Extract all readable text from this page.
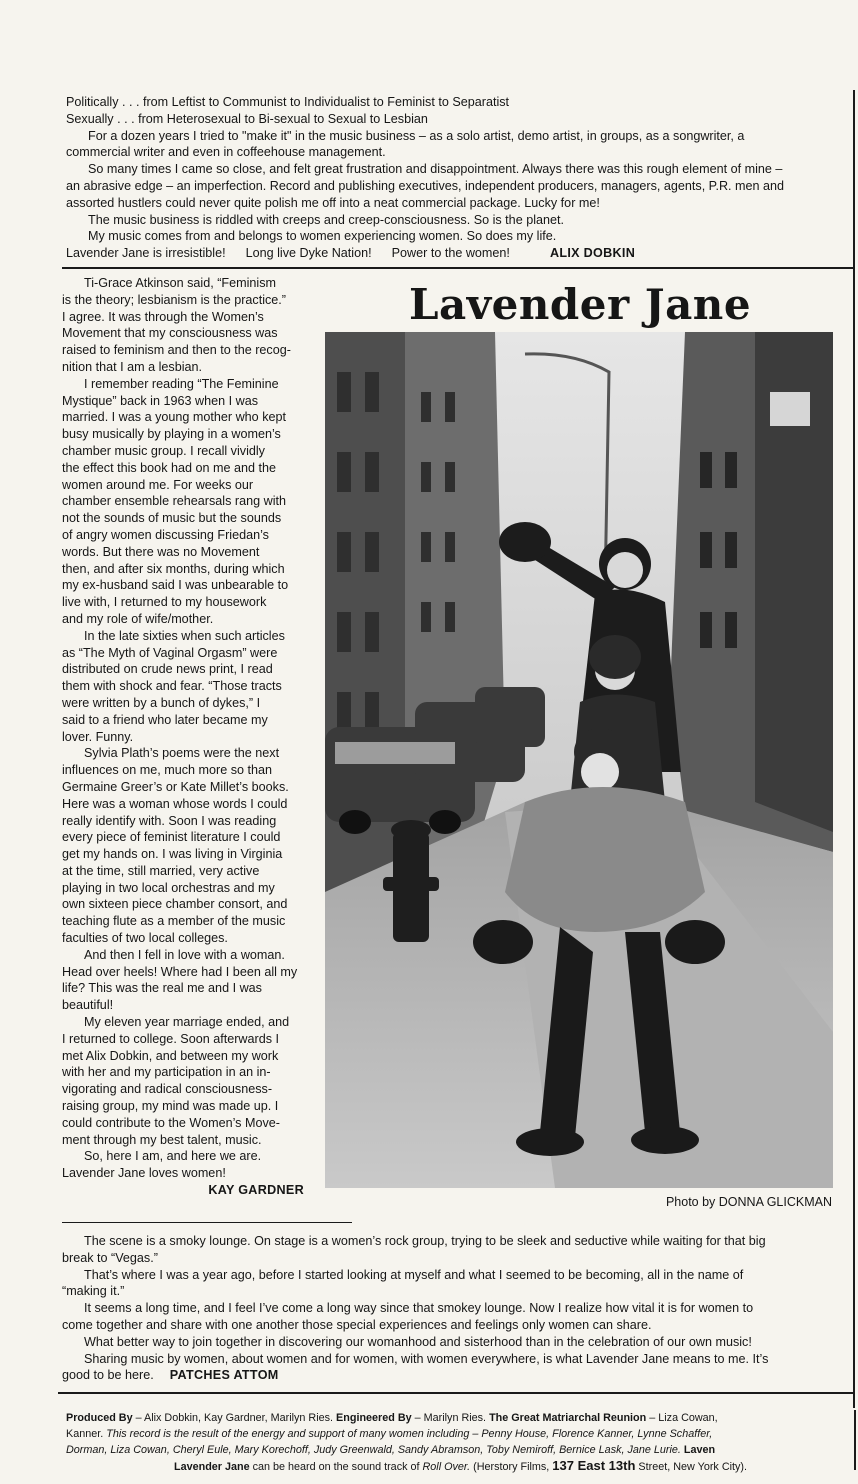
Politically . . . from Leftist to Communist to Individualist to Feminist to Separatist

Sexually . . . from Heterosexual to Bi-sexual to Sexual to Lesbian

For a dozen years I tried to "make it" in the music business – as a solo artist, demo artist, in groups, as a songwriter, a

commercial writer and even in coffeehouse management.

So many times I came so close, and felt great frustration and disappointment. Always there was this rough element of mine –

an abrasive edge – an imperfection. Record and publishing executives, independent producers, managers, agents, P.R. men and

assorted hustlers could never quite polish me off into a neat commercial package. Lucky for me!

The music business is riddled with creeps and creep-consciousness. So is the planet.

My music comes from and belongs to women experiencing women. So does my life.

Lavender Jane is irresistible! Long live Dyke Nation! Power to the women!	ALIX DOBKIN

Ti-Grace Atkinson said, “Feminism

is the theory; lesbianism is the practice.”

I agree. It was through the Women’s

Movement that my consciousness was

raised to feminism and then to the recog-

nition that I am a lesbian.

I remember reading “The Feminine

Mystique” back in 1963 when I was

married. I was a young mother who kept

busy musically by playing in a women’s

chamber music group. I recall vividly

the effect this book had on me and the

women around me. For weeks our

chamber ensemble rehearsals rang with

not the sounds of music but the sounds

of angry women discussing Friedan’s

words. But there was no Movement

then, and after six months, during which

my ex-husband said I was unbearable to

live with, I returned to my housework

and my role of wife/mother.

In the late sixties when such articles

as “The Myth of Vaginal Orgasm” were

distributed on crude news print, I read

them with shock and fear. “Those tracts

were written by a bunch of dykes,” I

said to a friend who later became my

lover. Funny.

Sylvia Plath’s poems were the next

influences on me, much more so than

Germaine Greer’s or Kate Millet’s books.

Here was a woman whose words I could

really identify with. Soon I was reading

every piece of feminist literature I could

get my hands on. I was living in Virginia

at the time, still married, very active

playing in two local orchestras and my

own sixteen piece chamber consort, and

teaching flute as a member of the music

faculties of two local colleges.

And then I fell in love with a woman.

Head over heels! Where had I been all my

life? This was the real me and I was

beautiful!

My eleven year marriage ended, and

I returned to college. Soon afterwards I

met Alix Dobkin, and between my work

with her and my participation in an in-

vigorating and radical consciousness-

raising group, my mind was made up. I

could contribute to the Women’s Move-

ment through my best talent, music.

So, here I am, and here we are.

Lavender Jane loves women!

KAY GARDNER

Lavender Jane
Photo by DONNA GLICKMAN

The scene is a smoky lounge. On stage is a women’s rock group, trying to be sleek and seductive while waiting for that big

break to “Vegas.”

That’s where I was a year ago, before I started looking at myself and what I seemed to be becoming, all in the name of

“making it.”

It seems a long time, and I feel I’ve come a long way since that smokey lounge. Now I realize how vital it is for women to

come together and share with one another those special experiences and feelings only women can share.

What better way to join together in discovering our womanhood and sisterhood than in the celebration of our own music!

Sharing music by women, about women and for women, with women everywhere, is what Lavender Jane means to me. It’s

good to be here. PATCHES ATTOM

Produced By – Alix Dobkin, Kay Gardner, Marilyn Ries. Engineered By – Marilyn Ries. The Great Matriarchal Reunion – Liza Cowan,

Kanner. This record is the result of the energy and support of many women including – Penny House, Florence Kanner, Lynne Schaffer,

Dorman, Liza Cowan, Cheryl Eule, Mary Korechoff, Judy Greenwald, Sandy Abramson, Toby Nemiroff, Bernice Lask, Jane Lurie. Laven

Lavender Jane can be heard on the sound track of Roll Over. (Herstory Films, 137 East 13th Street, New York City).
